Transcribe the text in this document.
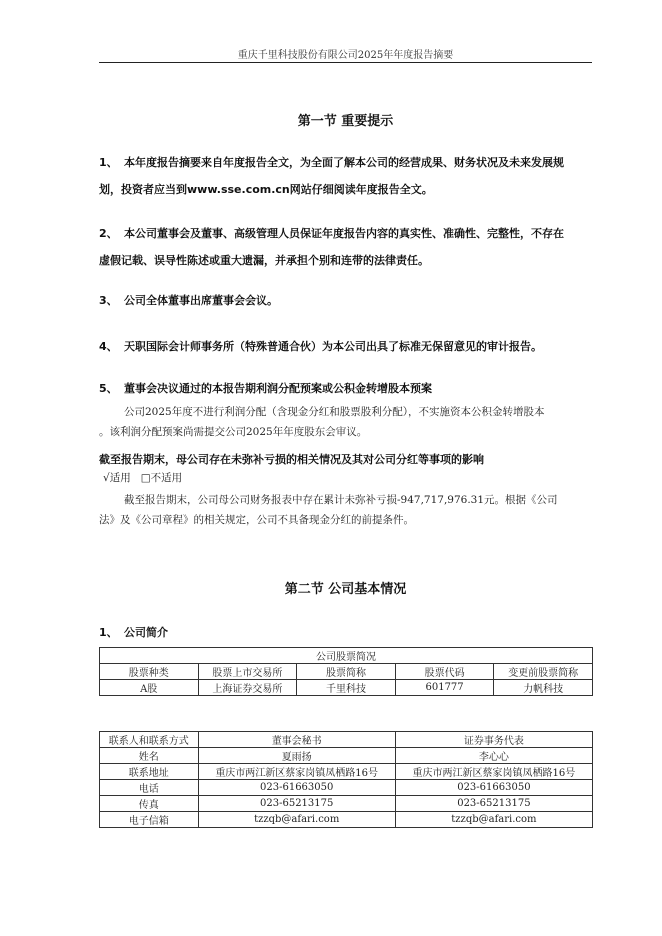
重庆千里科技股份有限公司2025年年度报告摘要
第一节 重要提示
1、 本年度报告摘要来自年度报告全文，为全面了解本公司的经营成果、财务状况及未来发展规
划，投资者应当到www.sse.com.cn网站仔细阅读年度报告全文。
2、 本公司董事会及董事、高级管理人员保证年度报告内容的真实性、准确性、完整性，不存在
虚假记载、误导性陈述或重大遗漏，并承担个别和连带的法律责任。
3、 公司全体董事出席董事会会议。
4、 天职国际会计师事务所（特殊普通合伙）为本公司出具了标准无保留意见的审计报告。
5、 董事会决议通过的本报告期利润分配预案或公积金转增股本预案
公司2025年度不进行利润分配（含现金分红和股票股利分配），不实施资本公积金转增股本
。该利润分配预案尚需提交公司2025年年度股东会审议。
截至报告期末，母公司存在未弥补亏损的相关情况及其对公司分红等事项的影响
√适用 □不适用
截至报告期末，公司母公司财务报表中存在累计未弥补亏损-947,717,976.31元。根据《公司
法》及《公司章程》的相关规定，公司不具备现金分红的前提条件。
第二节 公司基本情况
1、 公司简介
公司股票简况				
股票种类	股票上市交易所	股票简称	股票代码	变更前股票简称
A股	上海证券交易所	千里科技	601777	力帆科技
联系人和联系方式	董事会秘书	证券事务代表
姓名	夏雨扬	李心心
联系地址	重庆市两江新区蔡家岗镇凤栖路16号	重庆市两江新区蔡家岗镇凤栖路16号
电话	023-61663050	023-61663050
传真	023-65213175	023-65213175
电子信箱	tzzqb@afari.com	tzzqb@afari.com
